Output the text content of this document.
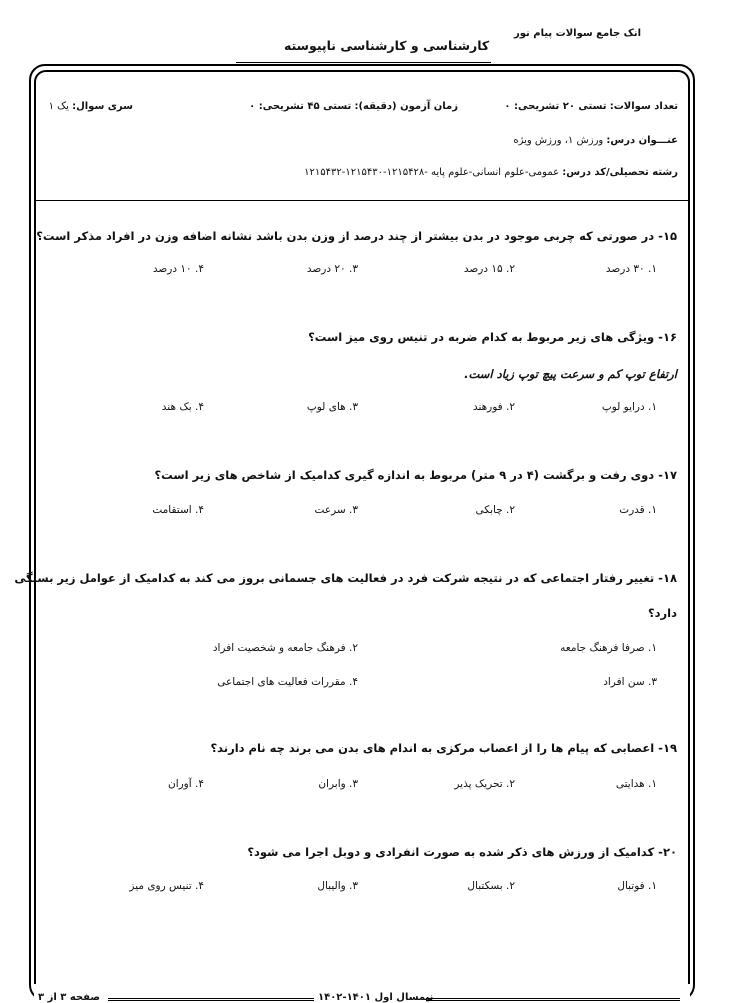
انک جامع سوالات پیام نور
کارشناسی و کارشناسی ناپیوسته
تعداد سوالات: تستی ۲۰ تشریحی: ۰
زمان آزمون (دقیقه): تستی ۴۵ تشریحی: ۰
سری سوال: یک ۱
عنـــوان درس: ورزش ۱، ورزش ویژه
رشته تحصیلی/کد درس: عمومی-علوم انسانی-علوم پایه -۱۲۱۵۴۲۸-۱۲۱۵۴۳۰-۱۲۱۵۴۳۲
۱۵- در صورتی که چربی موجود در بدن بیشتر از چند درصد از وزن بدن باشد نشانه اضافه وزن در افراد مذکر است؟
۱. ۳۰ درصد
۲. ۱۵ درصد
۳. ۲۰ درصد
۴. ۱۰ درصد
۱۶- ویژگی های زیر مربوط به کدام ضربه در تنیس روی میز است؟
ارتفاع توپ کم و سرعت پیچ توپ زیاد است.
۱. درایو لوپ
۲. فورهند
۳. های لوپ
۴. بک هند
۱۷- دوی رفت و برگشت (۴ در ۹ متر) مربوط به اندازه گیری کدامیک از شاخص های زیر است؟
۱. قدرت
۲. چابکی
۳. سرعت
۴. استقامت
۱۸- تغییر رفتار اجتماعی که در نتیجه شرکت فرد در فعالیت های جسمانی بروز می کند به کدامیک از عوامل زیر بستگی
دارد؟
۱. صرفا فرهنگ جامعه
۲. فرهنگ جامعه و شخصیت افراد
۳. سن افراد
۴. مقررات فعالیت های اجتماعی
۱۹- اعصابی که پیام ها را از اعصاب مرکزی به اندام های بدن می برند چه نام دارند؟
۱. هدایتی
۲. تحریک پذیر
۳. وابران
۴. آوران
۲۰- کدامیک از ورزش های ذکر شده به صورت انفرادی و دوبل اجرا می شود؟
۱. فوتبال
۲. بسکتبال
۳. والیبال
۴. تنیس روی میز
نیمسال اول ۱۴۰۱-۱۴۰۲
صفحه ۳ از ۳
